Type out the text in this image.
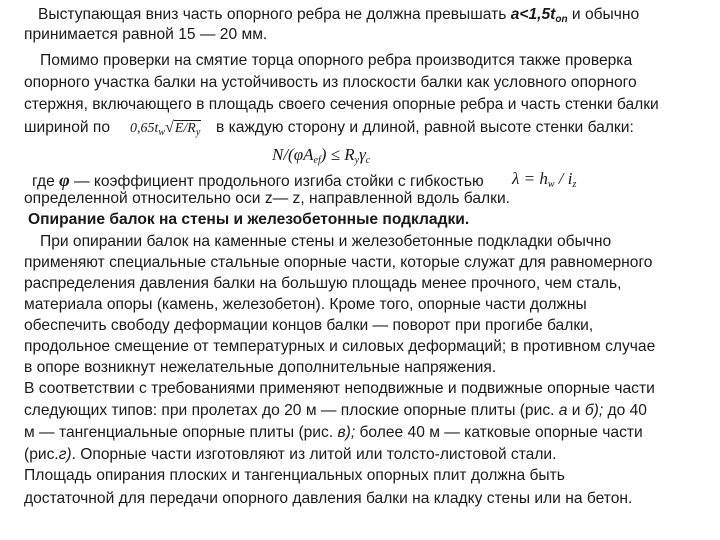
Выступающая вниз часть опорного ребра не должна превышать $a<1,5t_{on}$ и обычно
принимается равной 15 — 20 мм.
Помимо проверки на смятие торца опорного ребра производится также проверка
опорного участка балки на устойчивость из плоскости балки как условного опорного
стержня, включающего в площадь своего сечения опорные ребра и часть стенки балки
шириной по $0,65t_w√E/R_y$ в каждую сторону и длиной, равной высоте стенки балки:
$N/(\varphi A_{ef}) \le R_y\gamma_c$
где φ — коэффициент продольного изгиба стойки с гибкостью $\lambda = h_w / i_z$
определенной относительно оси z— z, направленной вдоль балки.
Опирание балок на стены и железобетонные подкладки.
При опирании балок на каменные стены и железобетонные подкладки обычно
применяют специальные стальные опорные части, которые служат для равномерного
распределения давления балки на большую площадь менее прочного, чем сталь,
материала опоры (камень, железобетон). Кроме того, опорные части должны
обеспечить свободу деформации концов балки — поворот при прогибе балки,
продольное смещение от температурных и силовых деформаций; в противном случае
в опоре возникнут нежелательные дополнительные напряжения.
В соответствии с требованиями применяют неподвижные и подвижные опорные части
следующих типов: при пролетах до 20 м — плоские опорные плиты (рис. а и б); до 40
м — тангенциальные опорные плиты (рис. в); более 40 м — катковые опорные части
(рис.г). Опорные части изготовляют из литой или толсто-листовой стали.
Площадь опирания плоских и тангенциальных опорных плит должна быть
достаточной для передачи опорного давления балки на кладку стены или на бетон.
